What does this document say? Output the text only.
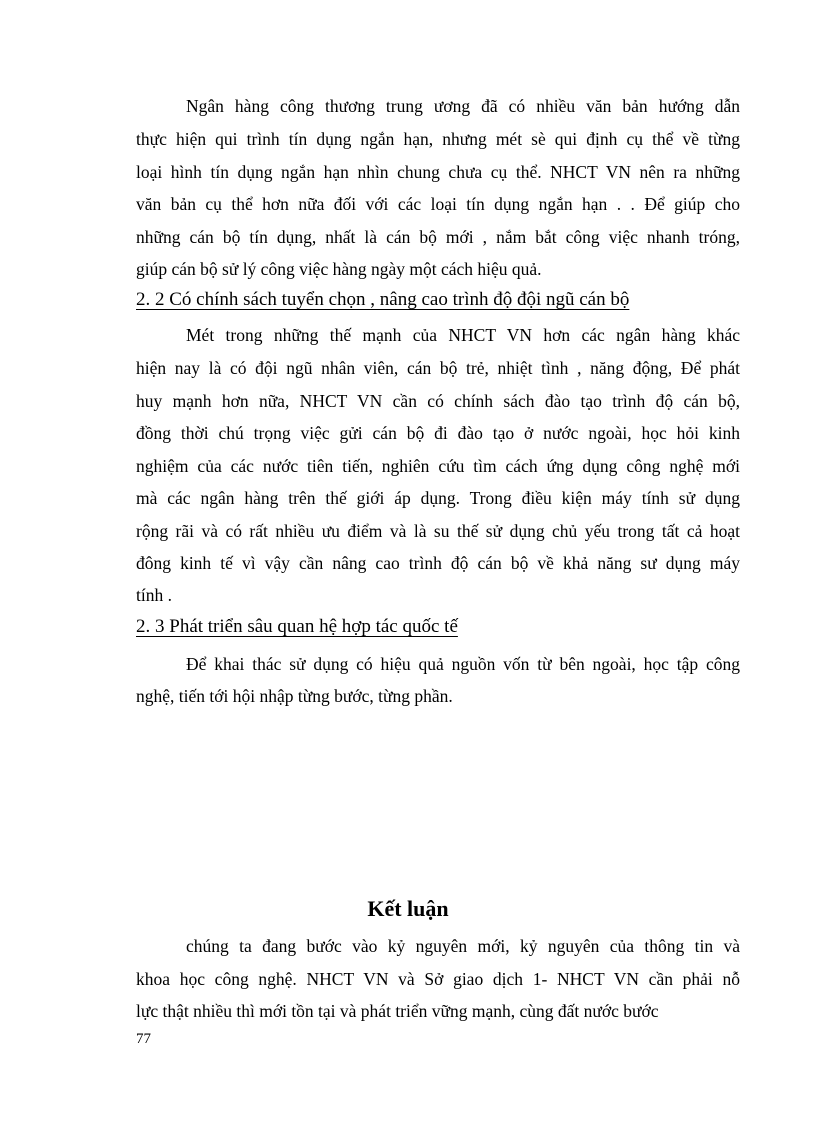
Ngân hàng công thương trung ương đã có nhiều văn bản hướng dẫn
thực hiện qui trình tín dụng ngắn hạn, nhưng mét sè qui định cụ thể về từng
loại hình tín dụng ngắn hạn nhìn chung chưa cụ thể. NHCT VN nên ra những
văn bản cụ thể hơn nữa đối với các loại tín dụng ngắn hạn . . Để giúp cho
những cán bộ tín dụng, nhất là cán bộ mới , nắm bắt công việc nhanh tróng,
giúp cán bộ sử lý công việc hàng ngày một cách hiệu quả.
2. 2 Có chính sách tuyển chọn , nâng cao trình độ đội ngũ cán bộ
Mét trong những thế mạnh của NHCT VN hơn các ngân hàng khác
hiện nay là có đội ngũ nhân viên, cán bộ trẻ, nhiệt tình , năng động, Để phát
huy mạnh hơn nữa, NHCT VN cần có chính sách đào tạo trình độ cán bộ,
đồng thời chú trọng việc gửi cán bộ đi đào tạo ở nước ngoài, học hỏi kinh
nghiệm của các nước tiên tiến, nghiên cứu tìm cách ứng dụng công nghệ mới
mà các ngân hàng trên thế giới áp dụng. Trong điều kiện máy tính sử dụng
rộng rãi và có rất nhiều ưu điểm và là su thế sử dụng chủ yếu trong tất cả hoạt
đông kinh tế vì vậy cần nâng cao trình độ cán bộ về khả năng sư dụng máy
tính .
2. 3 Phát triển sâu quan hệ hợp tác quốc tế
Để khai thác sử dụng có hiệu quả nguồn vốn từ bên ngoài, học tập công
nghệ, tiến tới hội nhập từng bước, từng phần.
Kết luận
chúng ta đang bước vào kỷ nguyên mới, kỷ nguyên của thông tin và
khoa học công nghệ. NHCT VN và Sở giao dịch 1- NHCT VN cần phải nỗ
lực thật nhiều thì mới tồn tại và phát triển vững mạnh, cùng đất nước bước
77
